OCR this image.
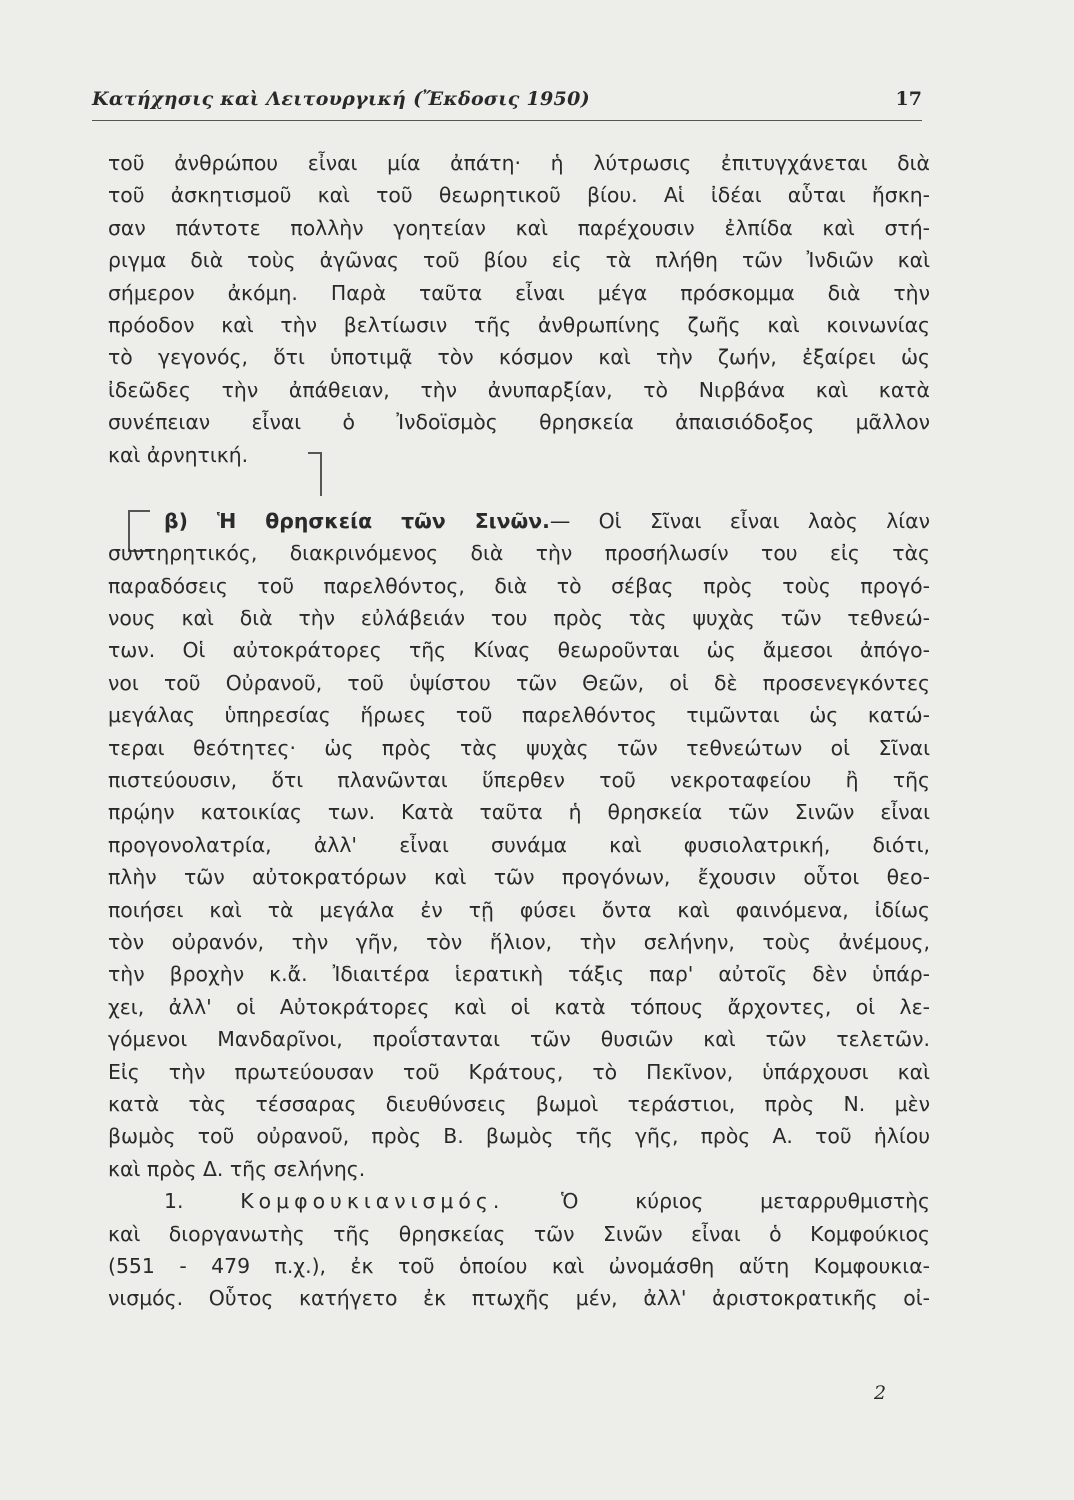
Κατήχησις καὶ Λειτουργική (Ἔκδοσις 1950)	17
τοῦ ἀνθρώπου εἶναι μία ἀπάτη· ἡ λύτρωσις ἐπιτυγχάνεται διὰ
τοῦ ἀσκητισμοῦ καὶ τοῦ θεωρητικοῦ βίου. Αἱ ἰδέαι αὗται ἤσκη-
σαν πάντοτε πολλὴν γοητείαν καὶ παρέχουσιν ἐλπίδα καὶ στή-
ριγμα διὰ τοὺς ἀγῶνας τοῦ βίου εἰς τὰ πλήθη τῶν Ἰνδιῶν καὶ
σήμερον ἀκόμη. Παρὰ ταῦτα εἶναι μέγα πρόσκομμα διὰ τὴν
πρόοδον καὶ τὴν βελτίωσιν τῆς ἀνθρωπίνης ζωῆς καὶ κοινωνίας
τὸ γεγονός, ὅτι ὑποτιμᾷ τὸν κόσμον καὶ τὴν ζωήν, ἐξαίρει ὡς
ἰδεῶδες τὴν ἀπάθειαν, τὴν ἀνυπαρξίαν, τὸ Νιρβάνα καὶ κατὰ
συνέπειαν εἶναι ὁ Ἰνδοϊσμὸς θρησκεία ἀπαισιόδοξος μᾶλλον
καὶ ἀρνητική.
β) Ἡ θρησκεία τῶν Σινῶν.— Οἱ Σῖναι εἶναι λαὸς λίαν
συντηρητικός, διακρινόμενος διὰ τὴν προσήλωσίν του εἰς τὰς
παραδόσεις τοῦ παρελθόντος, διὰ τὸ σέβας πρὸς τοὺς προγό-
νους καὶ διὰ τὴν εὐλάβειάν του πρὸς τὰς ψυχὰς τῶν τεθνεώ-
των. Οἱ αὐτοκράτορες τῆς Κίνας θεωροῦνται ὡς ἄμεσοι ἀπόγο-
νοι τοῦ Οὐρανοῦ, τοῦ ὑψίστου τῶν Θεῶν, οἱ δὲ προσενεγκόντες
μεγάλας ὑπηρεσίας ἥρωες τοῦ παρελθόντος τιμῶνται ὡς κατώ-
τεραι θεότητες· ὡς πρὸς τὰς ψυχὰς τῶν τεθνεώτων οἱ Σῖναι
πιστεύουσιν, ὅτι πλανῶνται ὕπερθεν τοῦ νεκροταφείου ἢ τῆς
πρῴην κατοικίας των. Κατὰ ταῦτα ἡ θρησκεία τῶν Σινῶν εἶναι
προγονολατρία, ἀλλ' εἶναι συνάμα καὶ φυσιολατρική, διότι,
πλὴν τῶν αὐτοκρατόρων καὶ τῶν προγόνων, ἔχουσιν οὗτοι θεο-
ποιήσει καὶ τὰ μεγάλα ἐν τῇ φύσει ὄντα καὶ φαινόμενα, ἰδίως
τὸν οὐρανόν, τὴν γῆν, τὸν ἥλιον, τὴν σελήνην, τοὺς ἀνέμους,
τὴν βροχὴν κ.ἄ. Ἰδιαιτέρα ἱερατικὴ τάξις παρ' αὐτοῖς δὲν ὑπάρ-
χει, ἀλλ' οἱ Αὐτοκράτορες καὶ οἱ κατὰ τόπους ἄρχοντες, οἱ λε-
γόμενοι Μανδαρῖνοι, προΐστανται τῶν θυσιῶν καὶ τῶν τελετῶν.
Εἰς τὴν πρωτεύουσαν τοῦ Κράτους, τὸ Πεκῖνον, ὑπάρχουσι καὶ
κατὰ τὰς τέσσαρας διευθύνσεις βωμοὶ τεράστιοι, πρὸς Ν. μὲν
βωμὸς τοῦ οὐρανοῦ, πρὸς Β. βωμὸς τῆς γῆς, πρὸς Α. τοῦ ἡλίου
καὶ πρὸς Δ. τῆς σελήνης.
1.	Κομφουκιανισμός.	Ὁ κύριος μεταρρυθμιστὴς
καὶ διοργανωτὴς τῆς θρησκείας τῶν Σινῶν εἶναι ὁ Κομφούκιος
(551 - 479 π.χ.), ἐκ τοῦ ὁποίου καὶ ὠνομάσθη αὕτη Κομφουκια-
νισμός. Οὗτος κατήγετο ἐκ πτωχῆς μέν, ἀλλ' ἀριστοκρατικῆς οἰ-
2
